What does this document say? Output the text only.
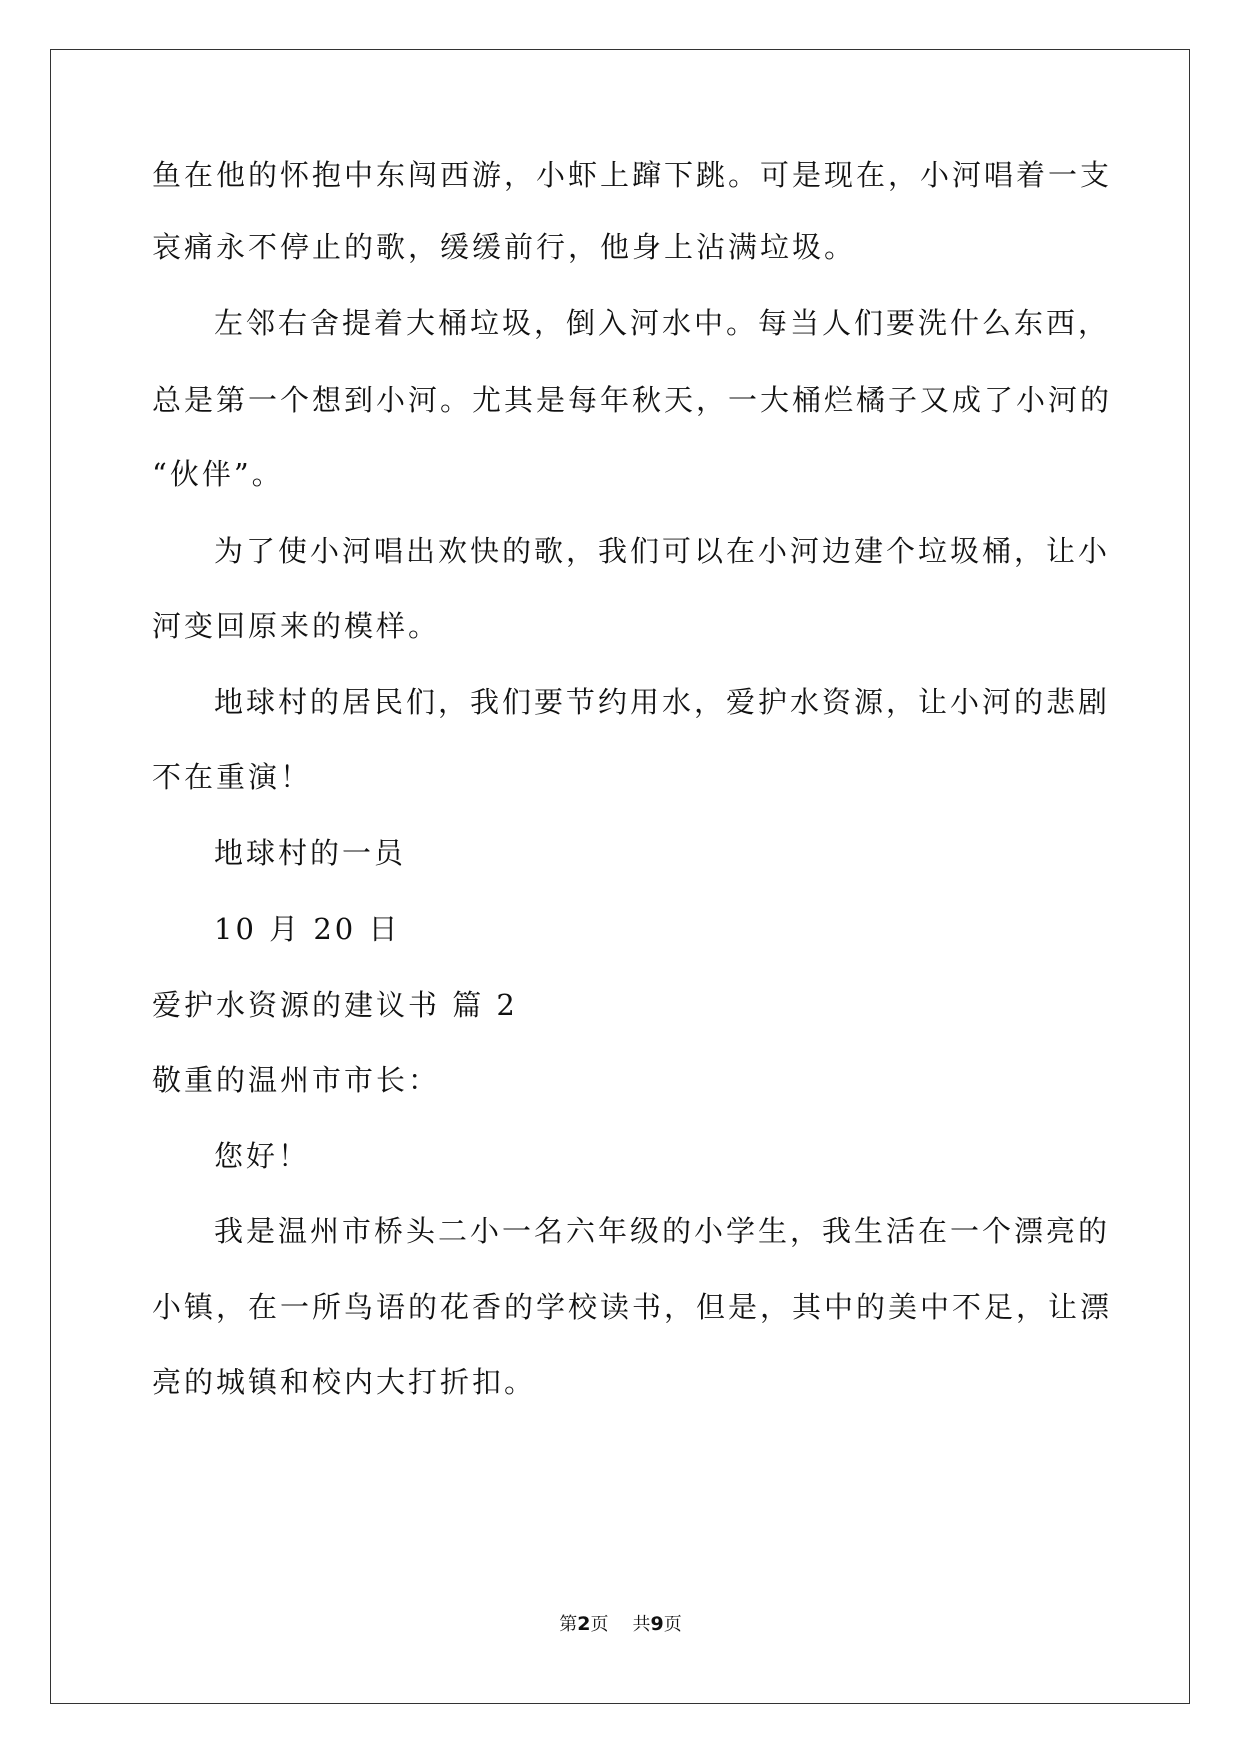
鱼在他的怀抱中东闯西游，小虾上蹿下跳。可是现在，小河唱着一支
哀痛永不停止的歌，缓缓前行，他身上沾满垃圾。
左邻右舍提着大桶垃圾，倒入河水中。每当人们要洗什么东西，
总是第一个想到小河。尤其是每年秋天，一大桶烂橘子又成了小河的
“伙伴”。
为了使小河唱出欢快的歌，我们可以在小河边建个垃圾桶，让小
河变回原来的模样。
地球村的居民们，我们要节约用水，爱护水资源，让小河的悲剧
不在重演！
地球村的一员
10 月 20 日
爱护水资源的建议书 篇 2
敬重的温州市市长：
您好！
我是温州市桥头二小一名六年级的小学生，我生活在一个漂亮的
小镇，在一所鸟语的花香的学校读书，但是，其中的美中不足，让漂
亮的城镇和校内大打折扣。
第2页 共9页
